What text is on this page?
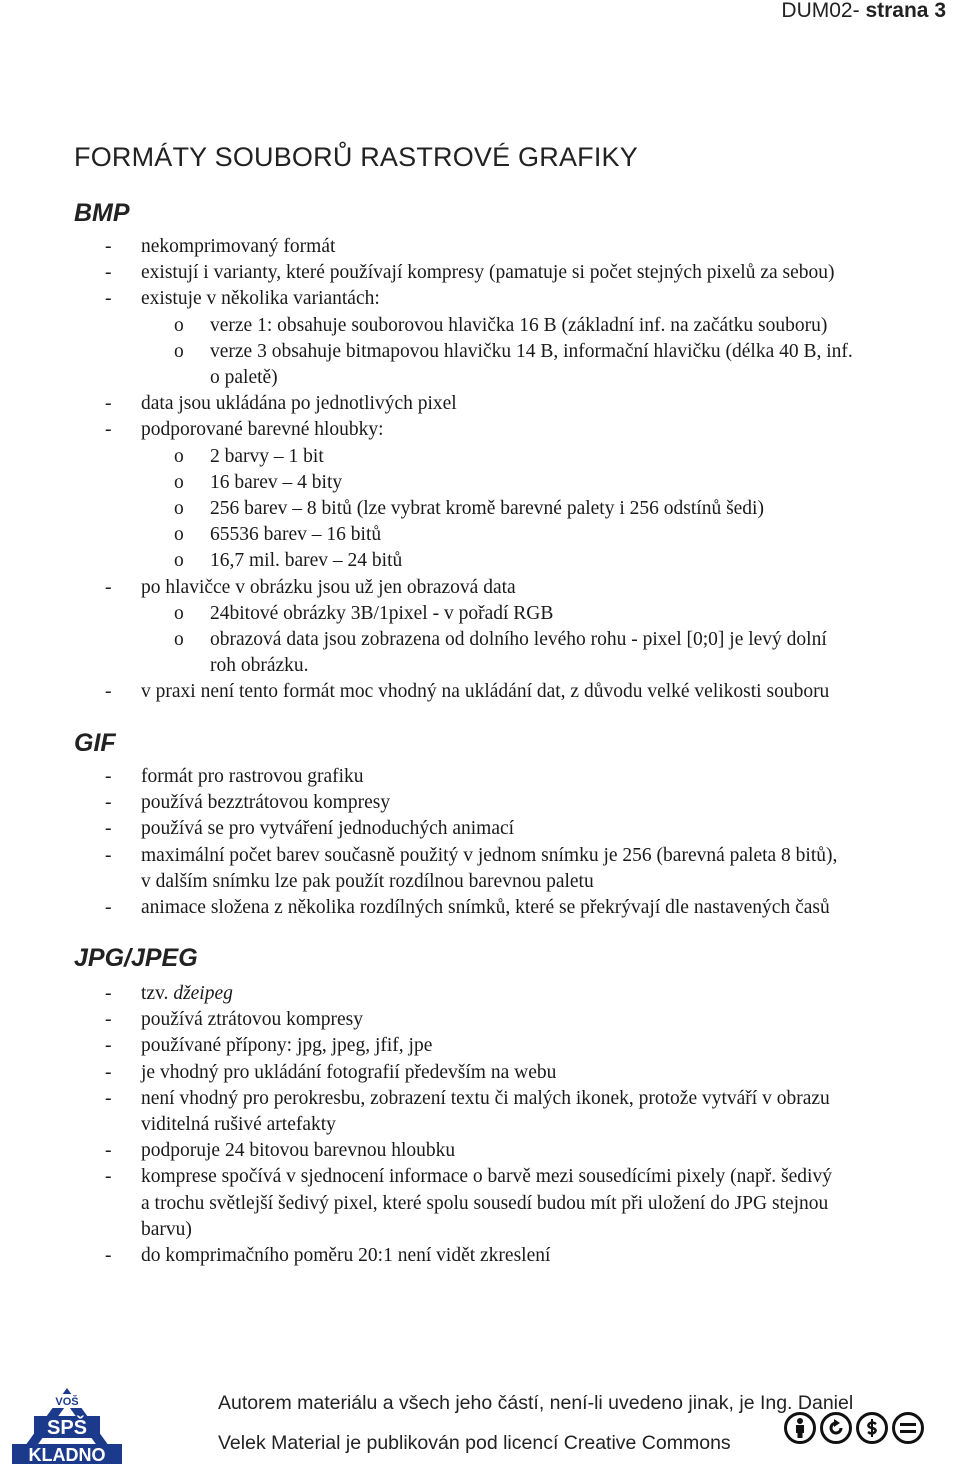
DUM02- strana 3
FORMÁTY SOUBORŮ RASTROVÉ GRAFIKY
BMP
- nekomprimovaný formát
- existují i varianty, které používají kompresy (pamatuje si počet stejných pixelů za sebou)
- existuje v několika variantách:
o verze 1: obsahuje souborovou hlavička 16 B (základní inf. na začátku souboru)
o verze 3 obsahuje bitmapovou hlavičku 14 B, informační hlavičku (délka 40 B, inf.
o paletě)
- data jsou ukládána po jednotlivých pixel
- podporované barevné hloubky:
o 2 barvy – 1 bit
o 16 barev – 4 bity
o 256 barev – 8 bitů (lze vybrat kromě barevné palety i 256 odstínů šedi)
o 65536 barev – 16 bitů
o 16,7 mil. barev – 24 bitů
- po hlavičce v obrázku jsou už jen obrazová data
o 24bitové obrázky 3B/1pixel - v pořadí RGB
o obrazová data jsou zobrazena od dolního levého rohu - pixel [0;0] je levý dolní
roh obrázku.
- v praxi není tento formát moc vhodný na ukládání dat, z důvodu velké velikosti souboru
GIF
- formát pro rastrovou grafiku
- používá bezztrátovou kompresy
- používá se pro vytváření jednoduchých animací
- maximální počet barev současně použitý v jednom snímku je 256 (barevná paleta 8 bitů),
v dalším snímku lze pak použít rozdílnou barevnou paletu
- animace složena z několika rozdílných snímků, které se překrývají dle nastavených časů
JPG/JPEG
- tzv. džeipeg
- používá ztrátovou kompresy
- používané přípony: jpg, jpeg, jfif, jpe
- je vhodný pro ukládání fotografií především na webu
- není vhodný pro perokresbu, zobrazení textu či malých ikonek, protože vytváří v obrazu
viditelná rušivé artefakty
- podporuje 24 bitovou barevnou hloubku
- komprese spočívá v sjednocení informace o barvě mezi sousedícími pixely (např. šedivý
a trochu světlejší šedivý pixel, které spolu sousedí budou mít při uložení do JPG stejnou
barvu)
- do komprimačního poměru 20:1 není vidět zkreslení
VOŠ
SPŠ
KLADNO
Autorem materiálu a všech jeho částí, není-li uvedeno jinak, je Ing. Daniel
Velek Material je publikován pod licencí Creative Commons
